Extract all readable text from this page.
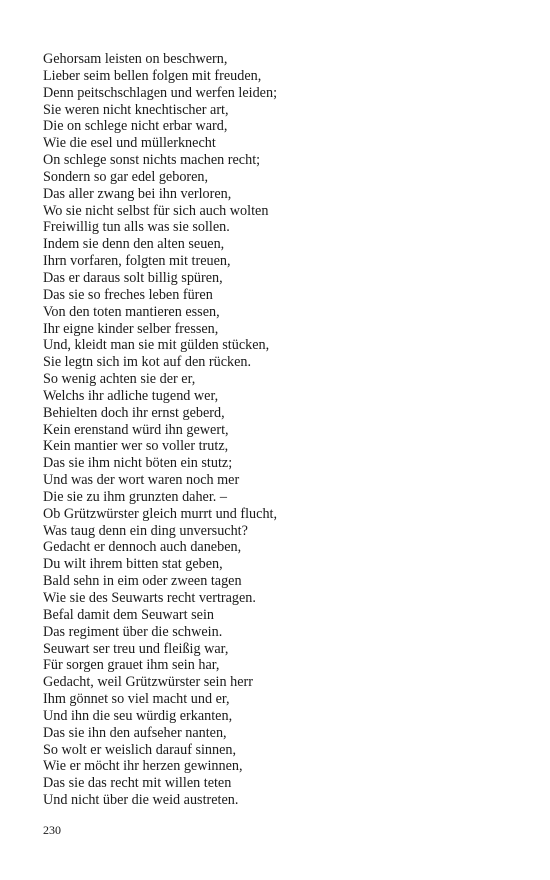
Gehorsam leisten on beschwern,
Lieber seim bellen folgen mit freuden,
Denn peitschschlagen und werfen leiden;
Sie weren nicht knechtischer art,
Die on schlege nicht erbar ward,
Wie die esel und müllerknecht
On schlege sonst nichts machen recht;
Sondern so gar edel geboren,
Das aller zwang bei ihn verloren,
Wo sie nicht selbst für sich auch wolten
Freiwillig tun alls was sie sollen.
Indem sie denn den alten seuen,
Ihrn vorfaren, folgten mit treuen,
Das er daraus solt billig spüren,
Das sie so freches leben füren
Von den toten mantieren essen,
Ihr eigne kinder selber fressen,
Und, kleidt man sie mit gülden stücken,
Sie legtn sich im kot auf den rücken.
So wenig achten sie der er,
Welchs ihr adliche tugend wer,
Behielten doch ihr ernst geberd,
Kein erenstand würd ihn gewert,
Kein mantier wer so voller trutz,
Das sie ihm nicht böten ein stutz;
Und was der wort waren noch mer
Die sie zu ihm grunzten daher. –
Ob Grützwürster gleich murrt und flucht,
Was taug denn ein ding unversucht?
Gedacht er dennoch auch daneben,
Du wilt ihrem bitten stat geben,
Bald sehn in eim oder zween tagen
Wie sie des Seuwarts recht vertragen.
Befal damit dem Seuwart sein
Das regiment über die schwein.
Seuwart ser treu und fleißig war,
Für sorgen grauet ihm sein har,
Gedacht, weil Grützwürster sein herr
Ihm gönnet so viel macht und er,
Und ihn die seu würdig erkanten,
Das sie ihn den aufseher nanten,
So wolt er weislich darauf sinnen,
Wie er möcht ihr herzen gewinnen,
Das sie das recht mit willen teten
Und nicht über die weid austreten.
230
